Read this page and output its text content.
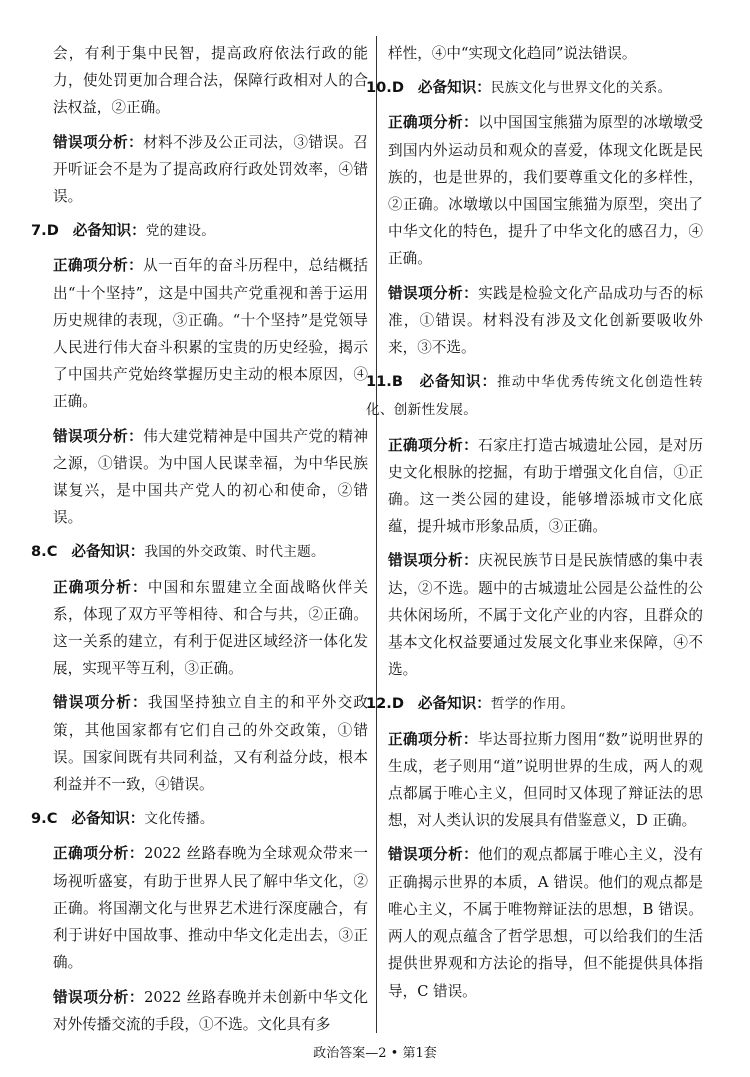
会，有利于集中民智，提高政府依法行政的能力，使处罚更加合理合法，保障行政相对人的合法权益，②正确。

错误项分析：材料不涉及公正司法，③错误。召开听证会不是为了提高政府行政处罚效率，④错误。

7.D 必备知识：党的建设。

正确项分析：从一百年的奋斗历程中，总结概括出“十个坚持”，这是中国共产党重视和善于运用历史规律的表现，③正确。“十个坚持”是党领导人民进行伟大奋斗积累的宝贵的历史经验，揭示了中国共产党始终掌握历史主动的根本原因，④正确。

错误项分析：伟大建党精神是中国共产党的精神之源，①错误。为中国人民谋幸福，为中华民族谋复兴，是中国共产党人的初心和使命，②错误。

8.C 必备知识：我国的外交政策、时代主题。

正确项分析：中国和东盟建立全面战略伙伴关系，体现了双方平等相待、和合与共，②正确。这一关系的建立，有利于促进区域经济一体化发展，实现平等互利，③正确。

错误项分析：我国坚持独立自主的和平外交政策，其他国家都有它们自己的外交政策，①错误。国家间既有共同利益，又有利益分歧，根本利益并不一致，④错误。

9.C 必备知识：文化传播。

正确项分析：2022 丝路春晚为全球观众带来一场视听盛宴，有助于世界人民了解中华文化，②正确。将国潮文化与世界艺术进行深度融合，有利于讲好中国故事、推动中华文化走出去，③正确。

错误项分析：2022 丝路春晚并未创新中华文化对外传播交流的手段，①不选。文化具有多

样性，④中“实现文化趋同”说法错误。

10.D 必备知识：民族文化与世界文化的关系。

正确项分析：以中国国宝熊猫为原型的冰墩墩受到国内外运动员和观众的喜爱，体现文化既是民族的，也是世界的，我们要尊重文化的多样性，②正确。冰墩墩以中国国宝熊猫为原型，突出了中华文化的特色，提升了中华文化的感召力，④正确。

错误项分析：实践是检验文化产品成功与否的标准，①错误。材料没有涉及文化创新要吸收外来，③不选。

11.B 必备知识：推动中华优秀传统文化创造性转化、创新性发展。

正确项分析：石家庄打造古城遗址公园，是对历史文化根脉的挖掘，有助于增强文化自信，①正确。这一类公园的建设，能够增添城市文化底蕴，提升城市形象品质，③正确。

错误项分析：庆祝民族节日是民族情感的集中表达，②不选。题中的古城遗址公园是公益性的公共休闲场所，不属于文化产业的内容，且群众的基本文化权益要通过发展文化事业来保障，④不选。

12.D 必备知识：哲学的作用。

正确项分析：毕达哥拉斯力图用“数”说明世界的生成，老子则用“道”说明世界的生成，两人的观点都属于唯心主义，但同时又体现了辩证法的思想，对人类认识的发展具有借鉴意义，D 正确。

错误项分析：他们的观点都属于唯心主义，没有正确揭示世界的本质，A 错误。他们的观点都是唯心主义，不属于唯物辩证法的思想，B 错误。两人的观点蕴含了哲学思想，可以给我们的生活提供世界观和方法论的指导，但不能提供具体指导，C 错误。

政治答案—2 • 第1套
